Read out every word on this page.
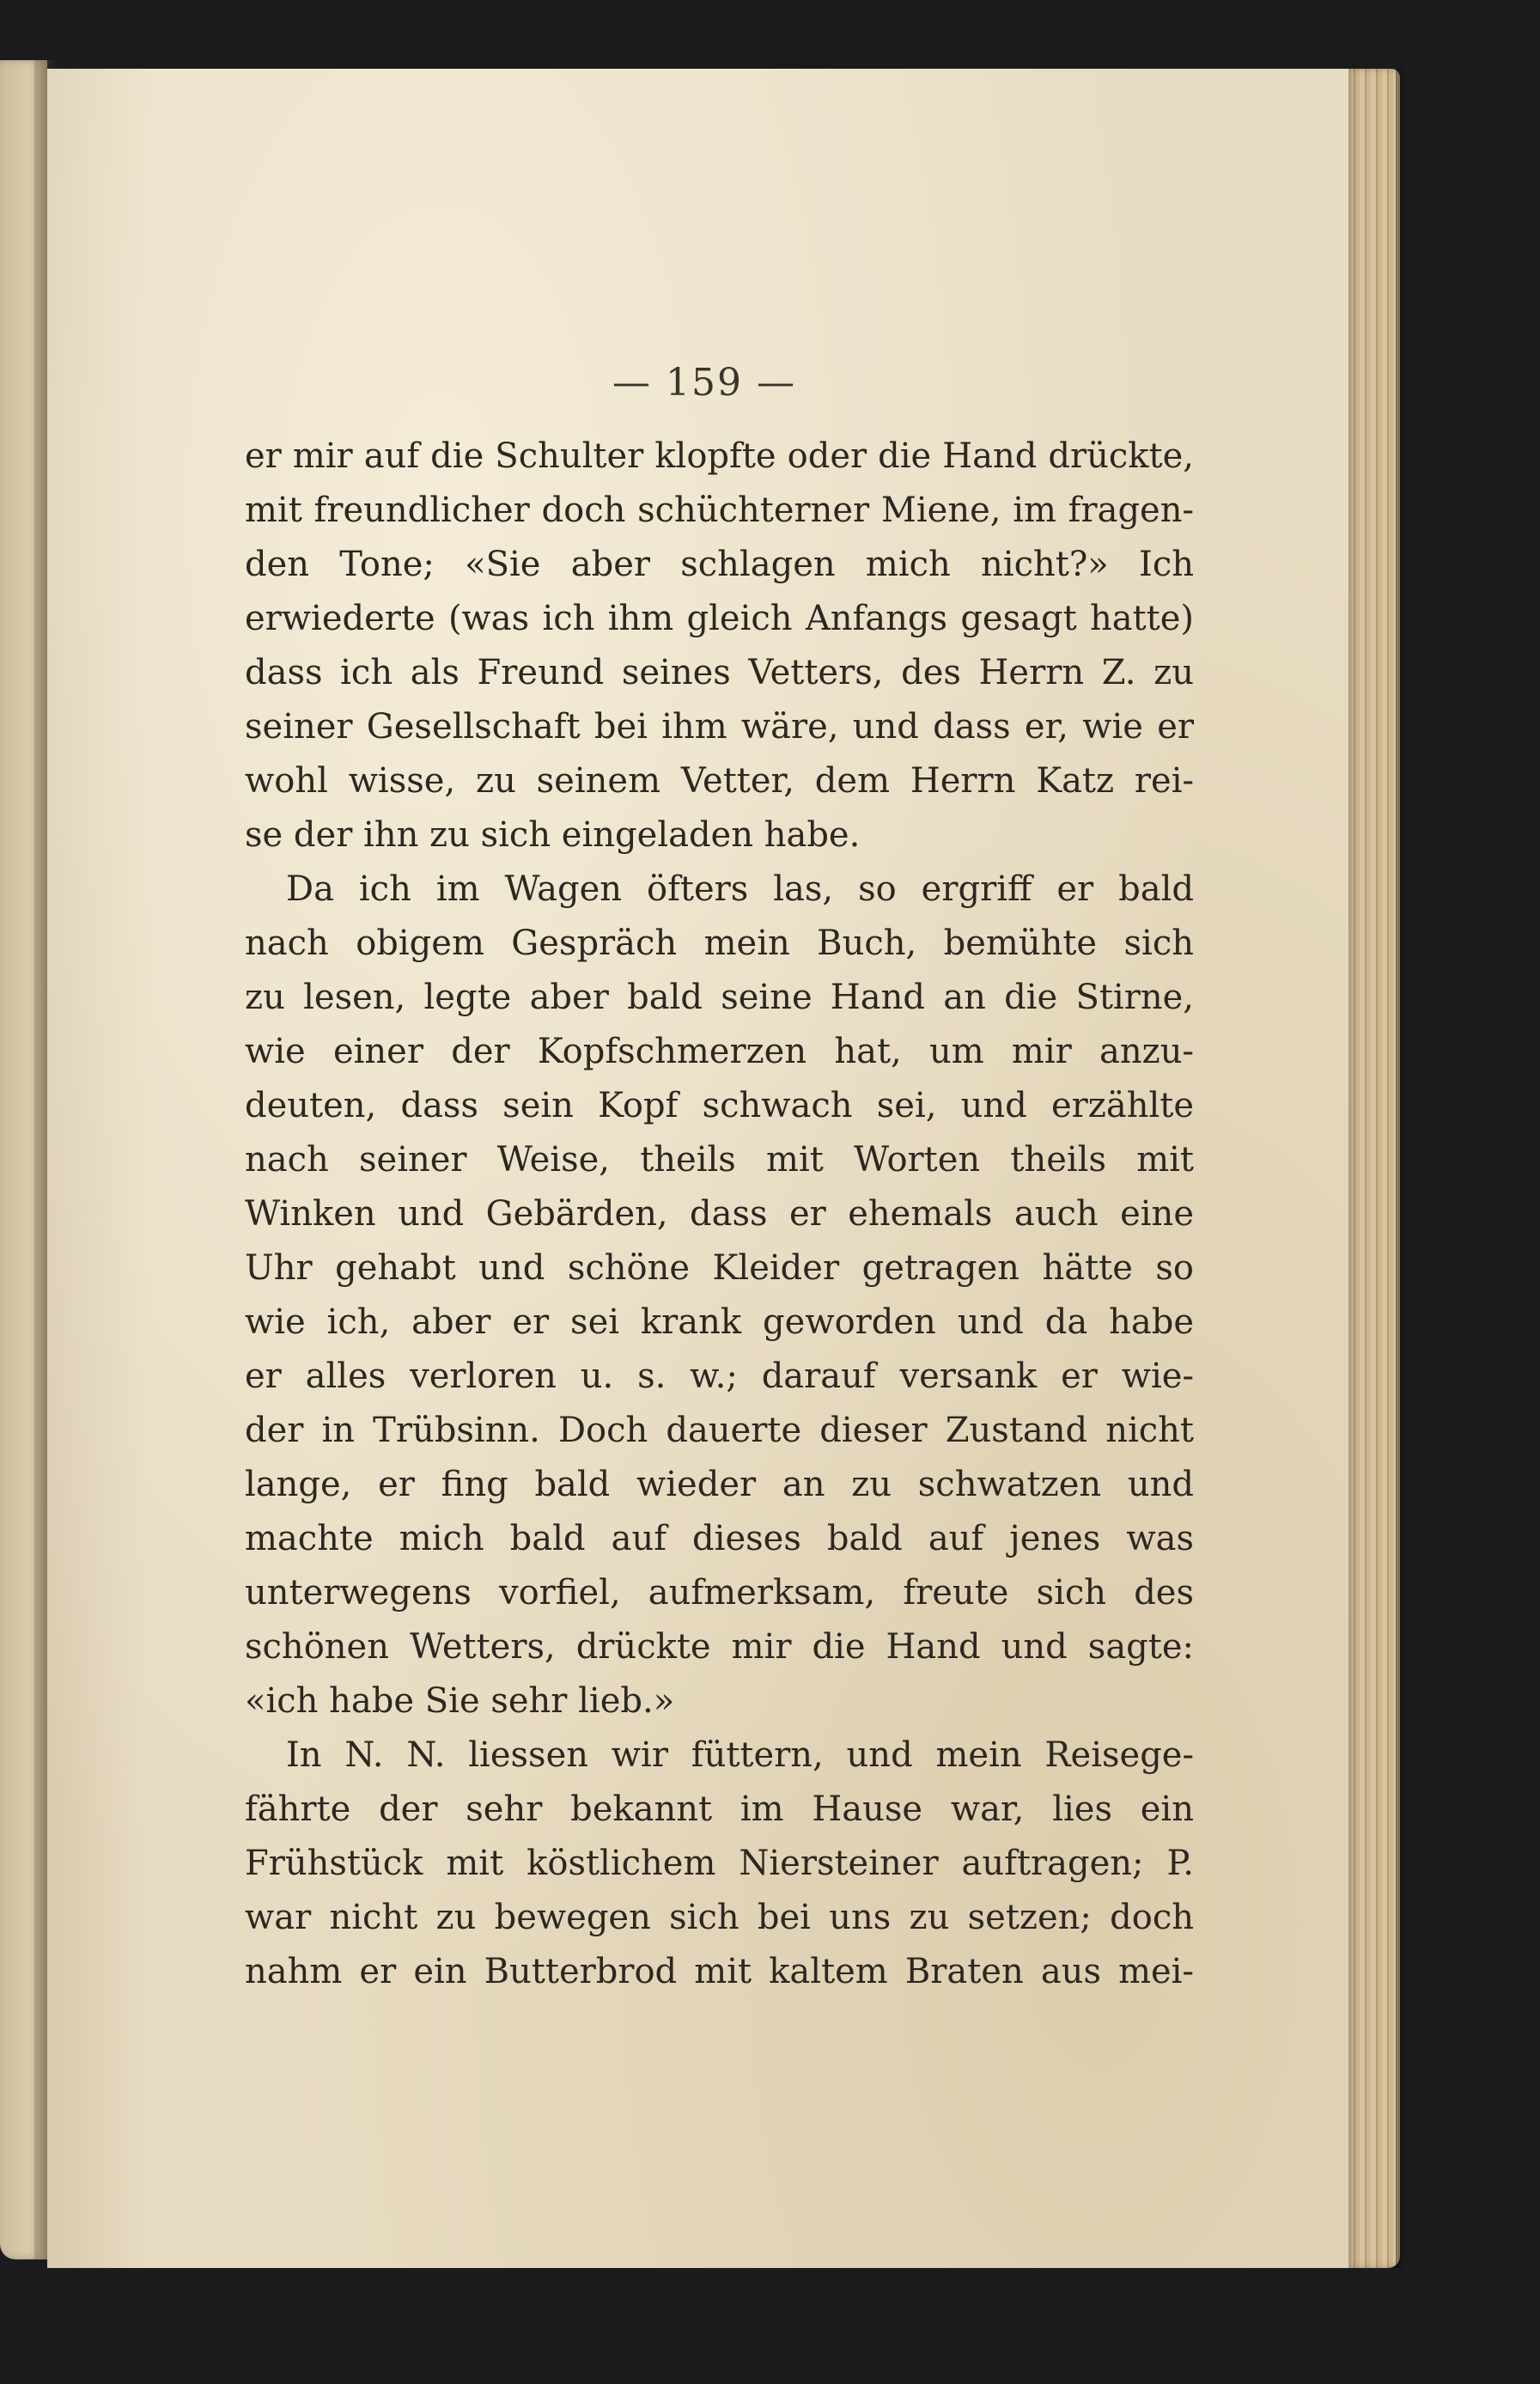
— 159 —
er mir auf die Schulter klopfte oder die Hand drückte,
mit freundlicher doch schüchterner Miene, im fragen-
den Tone; «Sie aber schlagen mich nicht?» Ich
erwiederte (was ich ihm gleich Anfangs gesagt hatte)
dass ich als Freund seines Vetters, des Herrn Z. zu
seiner Gesellschaft bei ihm wäre, und dass er, wie er
wohl wisse, zu seinem Vetter, dem Herrn Katz rei-
se der ihn zu sich eingeladen habe.
Da ich im Wagen öfters las, so ergriff er bald
nach obigem Gespräch mein Buch, bemühte sich
zu lesen, legte aber bald seine Hand an die Stirne,
wie einer der Kopfschmerzen hat, um mir anzu-
deuten, dass sein Kopf schwach sei, und erzählte
nach seiner Weise, theils mit Worten theils mit
Winken und Gebärden, dass er ehemals auch eine
Uhr gehabt und schöne Kleider getragen hätte so
wie ich, aber er sei krank geworden und da habe
er alles verloren u. s. w.; darauf versank er wie-
der in Trübsinn. Doch dauerte dieser Zustand nicht
lange, er fing bald wieder an zu schwatzen und
machte mich bald auf dieses bald auf jenes was
unterwegens vorfiel, aufmerksam, freute sich des
schönen Wetters, drückte mir die Hand und sagte:
«ich habe Sie sehr lieb.»
In N. N. liessen wir füttern, und mein Reisege-
fährte der sehr bekannt im Hause war, lies ein
Frühstück mit köstlichem Niersteiner auftragen; P.
war nicht zu bewegen sich bei uns zu setzen; doch
nahm er ein Butterbrod mit kaltem Braten aus mei-
